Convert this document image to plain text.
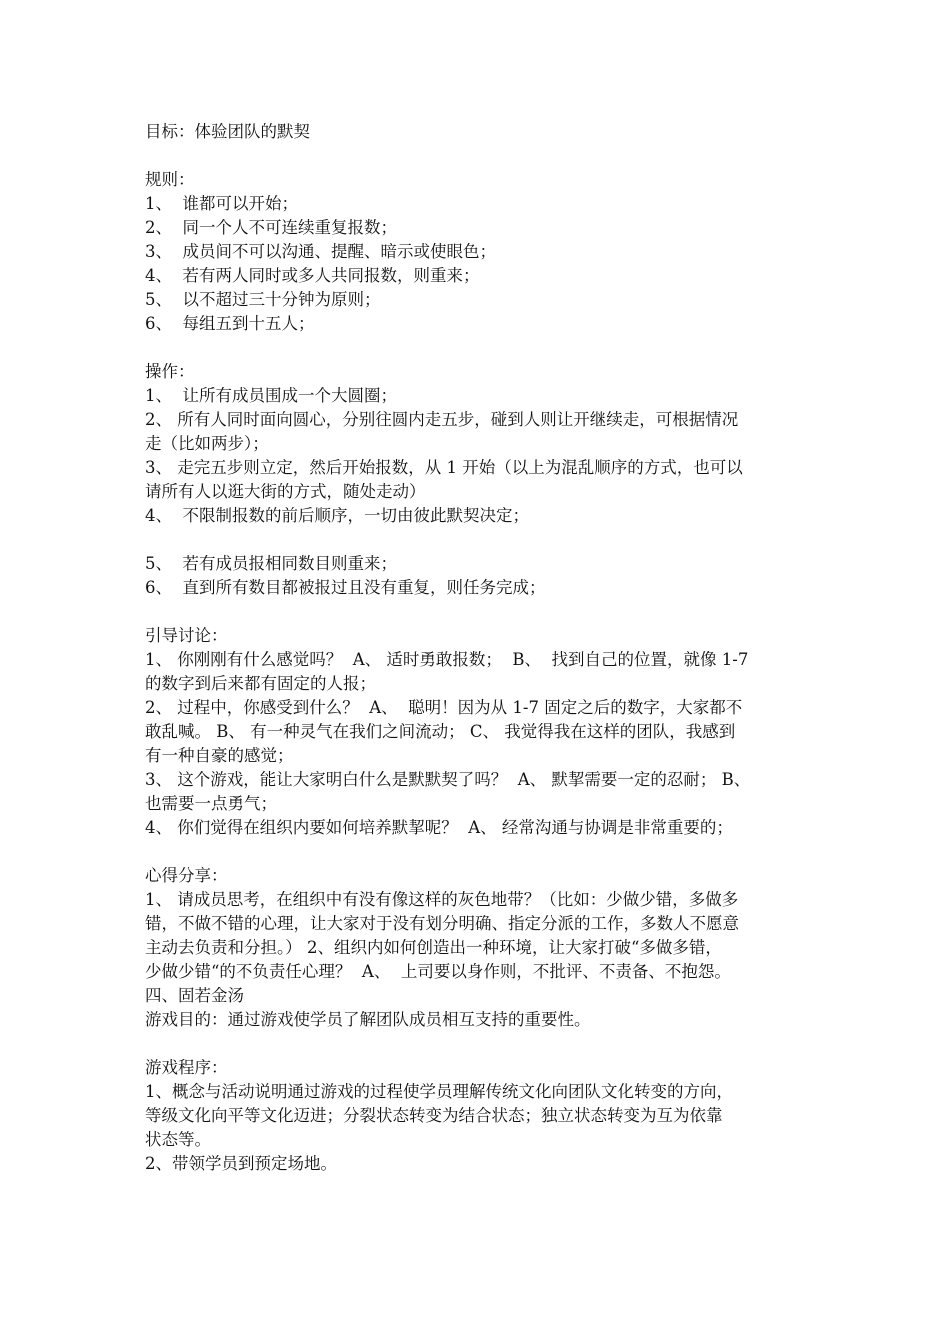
目标：体验团队的默契
规则：
1、  谁都可以开始；
2、  同一个人不可连续重复报数；
3、  成员间不可以沟通、提醒、暗示或使眼色；
4、  若有两人同时或多人共同报数，则重来；
5、  以不超过三十分钟为原则；
6、  每组五到十五人；
操作：
1、  让所有成员围成一个大圆圈；
2、 所有人同时面向圆心，分别往圆内走五步，碰到人则让开继续走，可根据情况
走（比如两步）；
3、 走完五步则立定，然后开始报数，从 1 开始（以上为混乱顺序的方式，也可以
请所有人以逛大街的方式，随处走动）
4、  不限制报数的前后顺序，一切由彼此默契决定；
5、  若有成员报相同数目则重来；
6、  直到所有数目都被报过且没有重复，则任务完成；
引导讨论：
1、 你刚刚有什么感觉吗？  A、 适时勇敢报数；  B、  找到自己的位置，就像 1-7
的数字到后来都有固定的人报；
2、 过程中，你感受到什么？  A、  聪明！因为从 1-7 固定之后的数字，大家都不
敢乱喊。 B、 有一种灵气在我们之间流动； C、 我觉得我在这样的团队，我感到
有一种自豪的感觉；
3、 这个游戏，能让大家明白什么是默默契了吗？  A、 默挈需要一定的忍耐； B、
也需要一点勇气；
4、 你们觉得在组织内要如何培养默挈呢？  A、 经常沟通与协调是非常重要的；
心得分享：
1、 请成员思考，在组织中有没有像这样的灰色地带？（比如：少做少错，多做多
错，不做不错的心理，让大家对于没有划分明确、指定分派的工作，多数人不愿意
主动去负责和分担。） 2、组织内如何创造出一种环境，让大家打破“多做多错，
少做少错“的不负责任心理？  A、  上司要以身作则，不批评、不责备、不抱怨。
四、固若金汤
游戏目的：通过游戏使学员了解团队成员相互支持的重要性。
游戏程序：
1、概念与活动说明通过游戏的过程使学员理解传统文化向团队文化转变的方向，
等级文化向平等文化迈进；分裂状态转变为结合状态；独立状态转变为互为依靠
状态等。
2、带领学员到预定场地。
